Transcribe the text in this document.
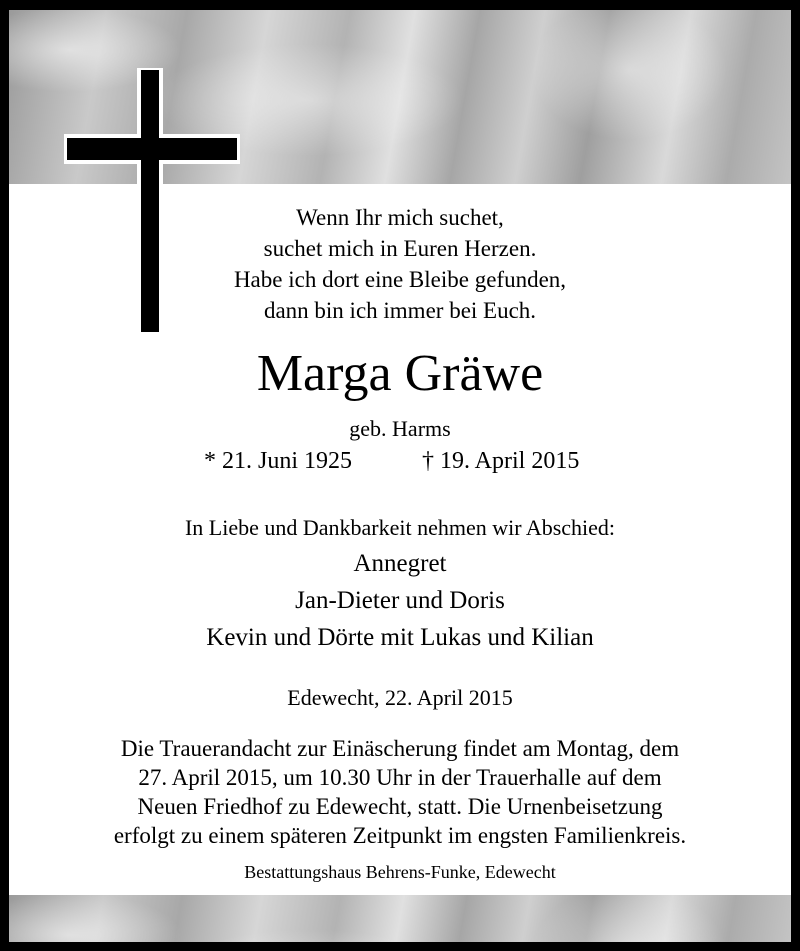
Wenn Ihr mich suchet,
suchet mich in Euren Herzen.
Habe ich dort eine Bleibe gefunden,
dann bin ich immer bei Euch.
Marga Gräwe
geb. Harms
* 21. Juni 1925	† 19. April 2015
In Liebe und Dankbarkeit nehmen wir Abschied:
Annegret
Jan-Dieter und Doris
Kevin und Dörte mit Lukas und Kilian
Edewecht, 22. April 2015
Die Trauerandacht zur Einäscherung findet am Montag, dem
27. April 2015, um 10.30 Uhr in der Trauerhalle auf dem
Neuen Friedhof zu Edewecht, statt. Die Urnenbeisetzung
erfolgt zu einem späteren Zeitpunkt im engsten Familienkreis.
Bestattungshaus Behrens-Funke, Edewecht
